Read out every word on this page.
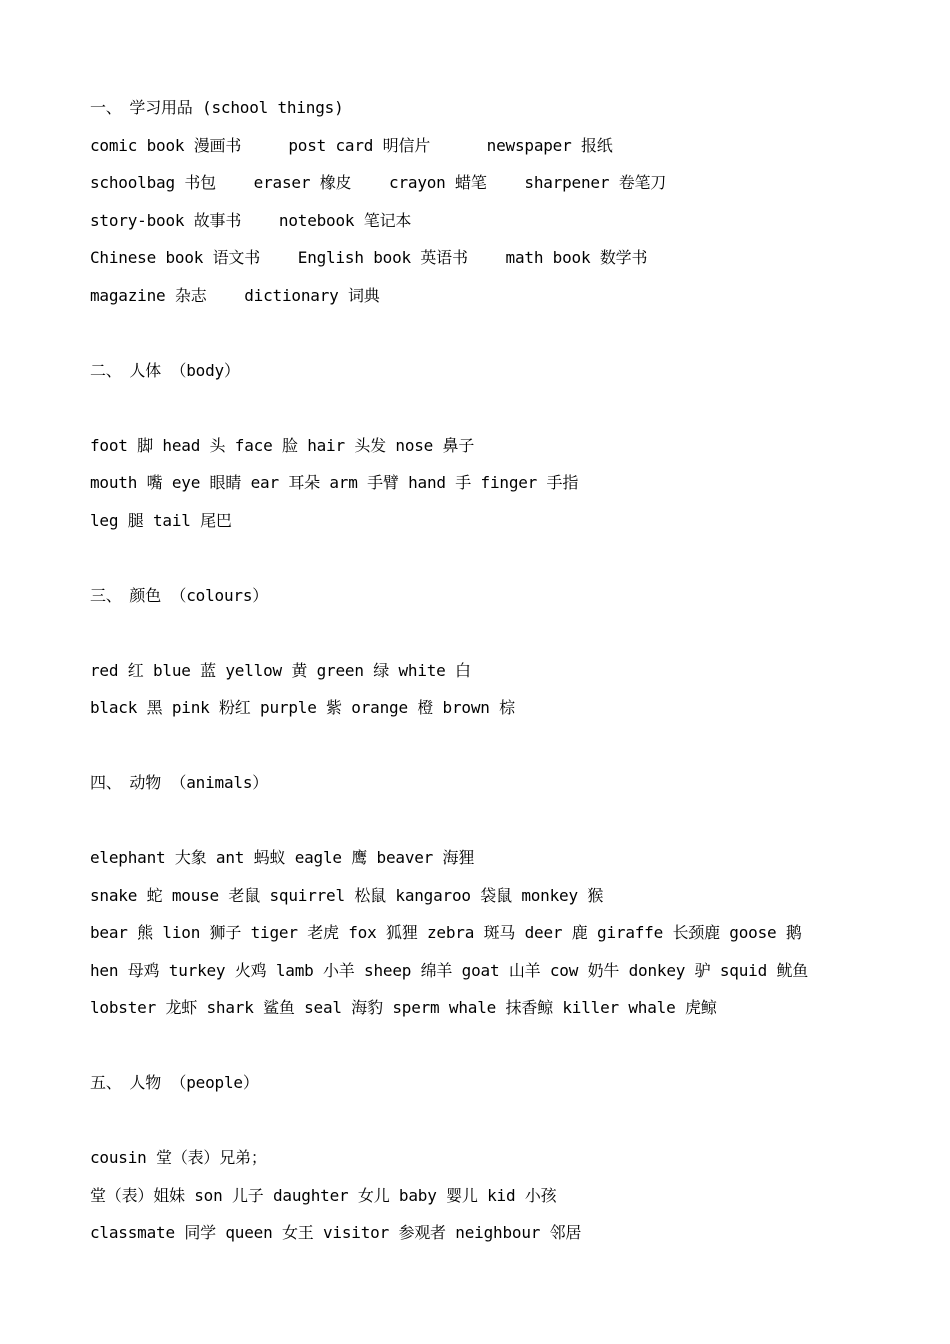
一、　学习用品 (school things)
comic book 漫画书     post card 明信片      newspaper 报纸
schoolbag 书包    eraser 橡皮    crayon 蜡笔    sharpener 卷笔刀
story-book 故事书    notebook 笔记本
Chinese book 语文书    English book 英语书    math book 数学书
magazine 杂志    dictionary 词典
二、　人体 （body）
foot 脚 head 头 face 脸 hair 头发 nose 鼻子
mouth 嘴 eye 眼睛 ear 耳朵 arm 手臂 hand 手 finger 手指
leg 腿 tail 尾巴
三、　颜色 （colours）
red 红 blue 蓝 yellow 黄 green 绿 white 白
black 黑 pink 粉红 purple 紫 orange 橙 brown 棕
四、　动物 （animals）
elephant 大象 ant 蚂蚁 eagle 鹰 beaver 海狸
snake 蛇 mouse 老鼠 squirrel 松鼠 kangaroo 袋鼠 monkey 猴
bear 熊 lion 狮子 tiger 老虎 fox 狐狸 zebra 斑马 deer 鹿 giraffe 长颈鹿 goose 鹅
hen 母鸡 turkey 火鸡 lamb 小羊 sheep 绵羊 goat 山羊 cow 奶牛 donkey 驴 squid 鱿鱼
lobster 龙虾 shark 鲨鱼 seal 海豹 sperm whale 抹香鲸 killer whale 虎鲸
五、　人物 （people）
cousin 堂（表）兄弟；
堂（表）姐妹 son 儿子 daughter 女儿 baby 婴儿 kid 小孩
classmate 同学 queen 女王 visitor 参观者 neighbour 邻居
